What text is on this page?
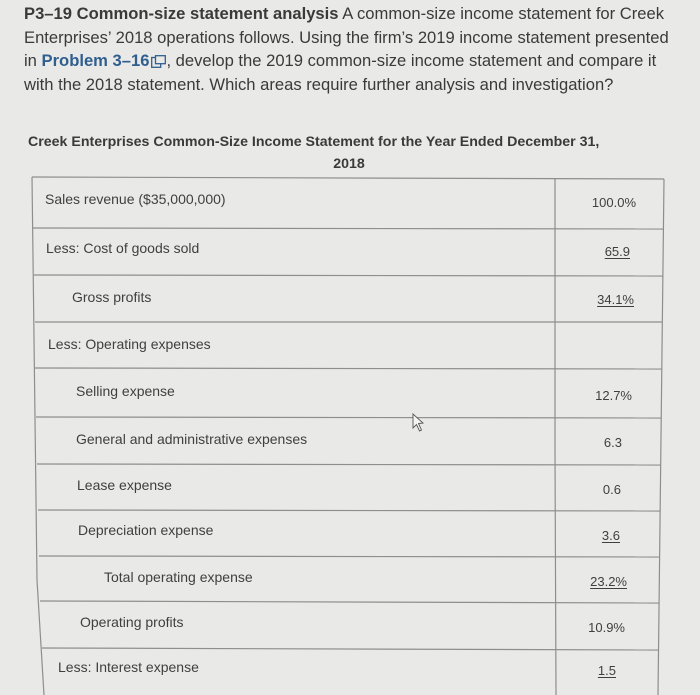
P3–19 Common-size statement analysis A common-size income statement for Creek Enterprises’ 2018 operations follows. Using the firm’s 2019 income statement presented in Problem 3–16 , develop the 2019 common-size income statement and compare it with the 2018 statement. Which areas require further analysis and investigation?
Creek Enterprises Common-Size Income Statement for the Year Ended December 31,
2018
Sales revenue ($35,000,000)	100.0%
Less: Cost of goods sold	65.9
Gross profits	34.1%
Less: Operating expenses
Selling expense	12.7%
General and administrative expenses	6.3
Lease expense	0.6
Depreciation expense	3.6
Total operating expense	23.2%
Operating profits	10.9%
Less: Interest expense	1.5
